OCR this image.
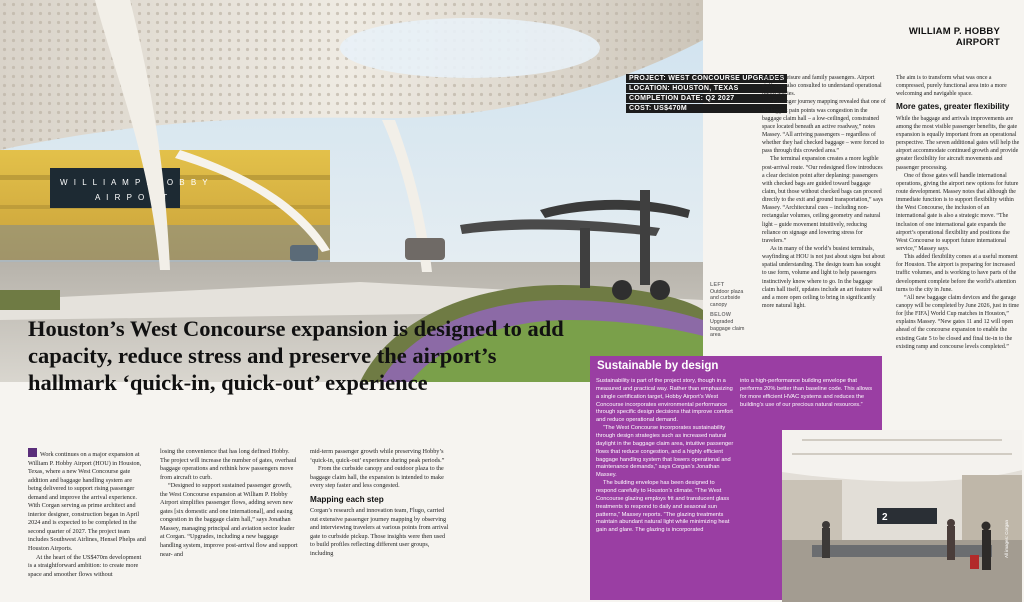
WILLIAM P. HOBBY AIRPORT
W I L L I A M P . H O B B Y
A I R P O R T
PROJECT: WEST CONCOURSE UPGRADES
LOCATION: HOUSTON, TEXAS
COMPLETION DATE: Q2 2027
COST: US$470M
LEFT
Outdoor plaza and curbside canopy
BELOW
Upgraded baggage claim area
Houston’s West Concourse expansion is designed to add capacity, reduce stress and preserve the airport’s hallmark ‘quick-in, quick-out’ experience

Work continues on a major expansion at William P. Hobby Airport (HOU) in Houston, Texas, where a new West Concourse gate addition and baggage handling system are being delivered to support rising passenger demand and improve the arrival experience. With Corgan serving as prime architect and interior designer, construction began in April 2024 and is expected to be completed in the second quarter of 2027. The project team includes Southwest Airlines, Hensel Phelps and Houston Airports.

At the heart of the US$470m development is a straightforward ambition: to create more space and smoother flows without

losing the convenience that has long defined Hobby. The project will increase the number of gates, overhaul baggage operations and rethink how passengers move from aircraft to curb.

“Designed to support sustained passenger growth, the West Concourse expansion at William P. Hobby Airport simplifies passenger flows, adding seven new gates [six domestic and one international], and easing congestion in the baggage claim hall,” says Jonathan Massey, managing principal and aviation sector leader at Corgan. “Upgrades, including a new baggage handling system, improve post-arrival flow and support near- and

mid-term passenger growth while preserving Hobby’s ‘quick-in, quick-out’ experience during peak periods.”

From the curbside canopy and outdoor plaza to the baggage claim hall, the expansion is intended to make every step faster and less congested.

Mapping each step

Corgan’s research and innovation team, Flugo, carried out extensive passenger journey mapping by observing and interviewing travelers at various points from arrival gate to curbside pickup. Those insights were then used to build profiles reflecting different user groups, including

business, leisure and family passengers. Airport staff were also consulted to understand operational inefficiencies.

“Passenger journey mapping revealed that one of the biggest pain points was congestion in the baggage claim hall – a low-ceilinged, constrained space located beneath an active roadway,” notes Massey. “All arriving passengers – regardless of whether they had checked baggage – were forced to pass through this crowded area.”

The terminal expansion creates a more legible post-arrival route. “Our redesigned flow introduces a clear decision point after deplaning: passengers with checked bags are guided toward baggage claim, but those without checked bags can proceed directly to the exit and ground transportation,” says Massey. “Architectural cues – including non-rectangular volumes, ceiling geometry and natural light – guide movement intuitively, reducing reliance on signage and lowering stress for travelers.”

As in many of the world’s busiest terminals, wayfinding at HOU is not just about signs but about spatial understanding. The design team has sought to use form, volume and light to help passengers instinctively know where to go. In the baggage claim hall itself, updates include an art feature wall and a more open ceiling to bring in significantly more natural light.

The aim is to transform what was once a compressed, purely functional area into a more welcoming and navigable space.

More gates, greater flexibility

While the baggage and arrivals improvements are among the most visible passenger benefits, the gate expansion is equally important from an operational perspective. The seven additional gates will help the airport accommodate continued growth and provide greater flexibility for aircraft movements and passenger processing.

One of those gates will handle international operations, giving the airport new options for future route development. Massey notes that although the immediate function is to support flexibility within the West Concourse, the inclusion of an international gate is also a strategic move. “The inclusion of one international gate expands the airport’s operational flexibility and positions the West Concourse to support future international service,” Massey says.

This added flexibility comes at a useful moment for Houston. The airport is preparing for increased traffic volumes, and is working to have parts of the development complete before the world’s attention turns to the city in June.

“All new baggage claim devices and the garage canopy will be completed by June 2026, just in time for [the FIFA] World Cup matches in Houston,” explains Massey. “New gates 11 and 12 will open ahead of the concourse expansion to enable the existing Gate 5 to be closed and final tie-in to the existing ramp and concourse levels completed.”

Sustainable by design

Sustainability is part of the project story, though in a measured and practical way. Rather than emphasizing a single certification target, Hobby Airport’s West Concourse incorporates environmental performance through specific design decisions that improve comfort and reduce operational demand.

“The West Concourse incorporates sustainability through design strategies such as increased natural daylight in the baggage claim area, intuitive passenger flows that reduce congestion, and a highly efficient baggage handling system that lowers operational and maintenance demands,” says Corgan’s Jonathan Massey.

The building envelope has been designed to respond carefully to Houston’s climate. “The West Concourse glazing employs frit and translucent glass treatments to respond to daily and seasonal sun patterns,” Massey reports. “The glazing treatments maintain abundant natural light while minimizing heat gain and glare. The glazing is incorporated

into a high-performance building envelope that performs 20% better than baseline code. This allows for more efficient HVAC systems and reduces the building’s use of our precious natural resources.”

2
All images: Corgan
